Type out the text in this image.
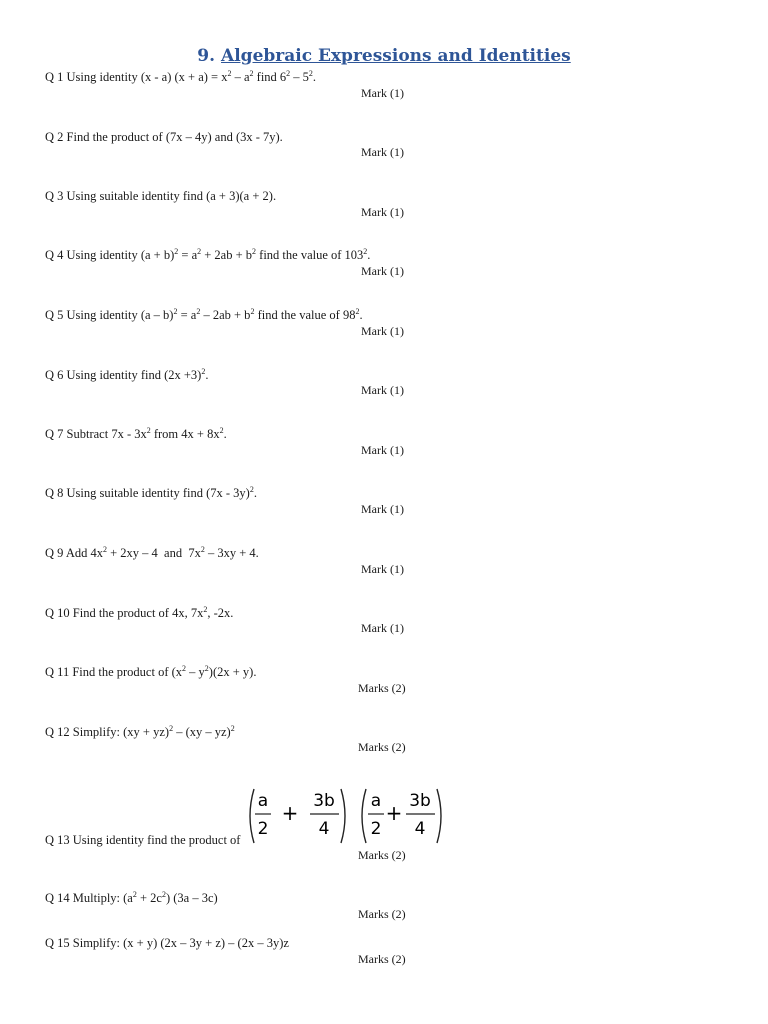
9. Algebraic Expressions and Identities
Q 1 Using identity (x - a) $(x + a) = x^2 - a^2$ find $6^2 - 5^2$.
Mark (1)
Q 2 Find the product of (7x – 4y) and (3x - 7y).
Mark (1)
Q 3 Using suitable identity find (a + 3)(a + 2).
Mark (1)
Q 4 Using identity $(a + b)^2 = a^2 + 2ab + b^2$ find the value of $103^2$.
Mark (1)
Q 5 Using identity $(a - b)^2 = a^2 - 2ab + b^2$ find the value of $98^2$.
Mark (1)
Q 6 Using identity find $(2x +3)^2$.
Mark (1)
Q 7 Subtract $7x - 3x^2$ from $4x + 8x^2$.
Mark (1)
Q 8 Using suitable identity find (7x - 3y)$^2$.
Mark (1)
Q 9 Add $4x^2 + 2xy - 4$  and  $7x^2 - 3xy + 4$.
Mark (1)
Q 10 Find the product of 4x, $7x^2$, -2x.
Mark (1)
Q 11 Find the product of $(x^2 - y^2)(2x + y)$.
Marks (2)
Q 12 Simplify: (xy + yz)$^2$ – (xy – yz)$^2$
Marks (2)
Q 13 Using identity find the product of
a
2
+ 3b
4
a
2
+ 3b
4
Marks (2)
Q 14 Multiply: $(a^2 + 2c^2)$ (3a – 3c)
Marks (2)
Q 15 Simplify: (x + y) (2x – 3y + z) – (2x – 3y)z
Marks (2)
